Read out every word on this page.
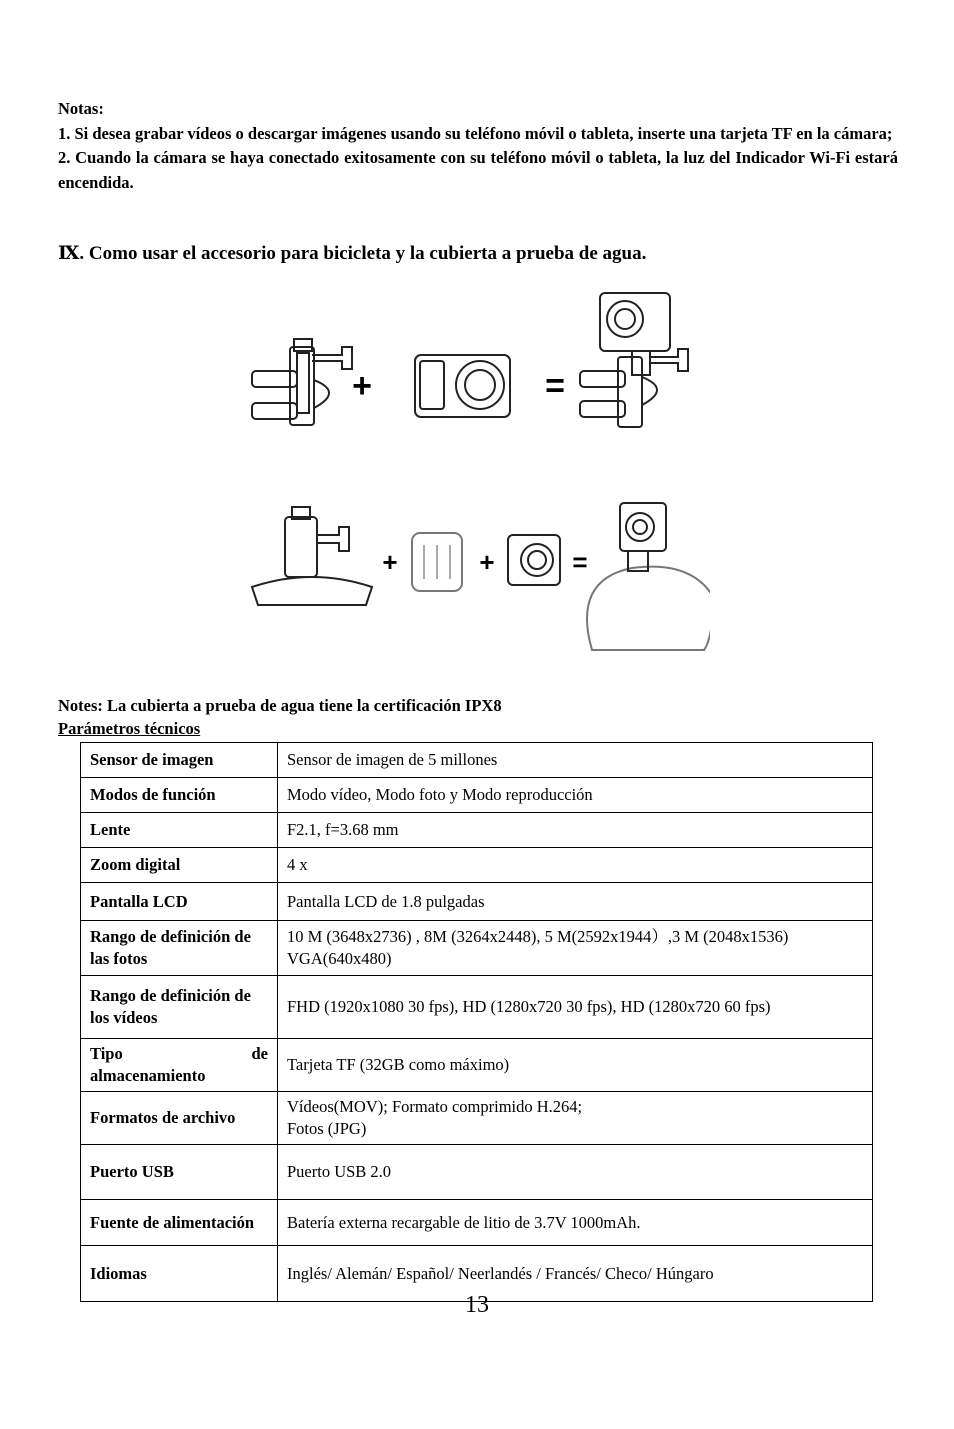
Notas:

1. Si desea grabar vídeos o descargar imágenes usando su teléfono móvil o tableta, inserte una tarjeta TF en la cámara;

2. Cuando la cámara se haya conectado exitosamente con su teléfono móvil o tableta, la luz del Indicador Wi-Fi estará encendida.

Ⅸ. Como usar el accesorio para bicicleta y la cubierta a prueba de agua.
+	=
+	+	=
Notes: La cubierta a prueba de agua tiene la certificación IPX8
Parámetros técnicos
Sensor de imagen	Sensor de imagen de 5 millones
Modos de función	Modo vídeo, Modo foto y Modo reproducción
Lente	F2.1, f=3.68 mm
Zoom digital	4 x
Pantalla LCD	Pantalla LCD de 1.8 pulgadas
Rango de definición de las fotos	10 M (3648x2736) , 8M (3264x2448), 5 M(2592x1944）,3 M (2048x1536) VGA(640x480)
Rango de definición de los vídeos	FHD (1920x1080 30 fps), HD (1280x720 30 fps), HD (1280x720 60 fps)

Tipo de
almacenamiento	Tarjeta TF (32GB como máximo)
Formatos de archivo	Vídeos(MOV); Formato comprimido H.264;
Fotos (JPG)

Puerto USB	Puerto USB 2.0
Fuente de alimentación	Batería externa recargable de litio de 3.7V 1000mAh.
Idiomas	Inglés/ Alemán/ Español/ Neerlandés / Francés/ Checo/ Húngaro
13
